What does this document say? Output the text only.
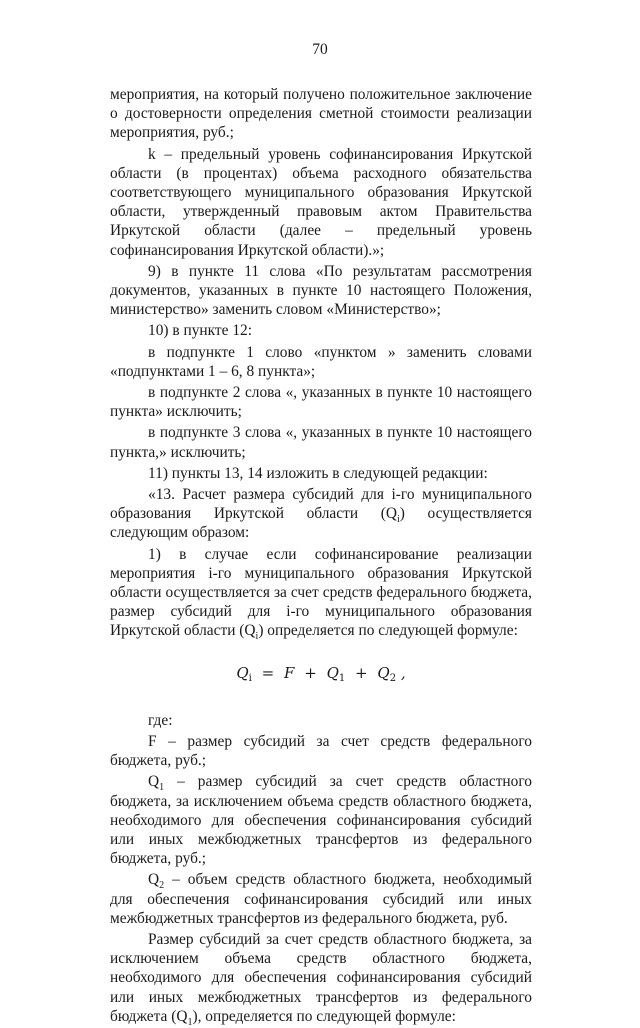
70

мероприятия, на который получено положительное заключение о достоверности определения сметной стоимости реализации мероприятия, руб.;

k – предельный уровень софинансирования Иркутской области (в процентах) объема расходного обязательства соответствующего муниципального образования Иркутской области, утвержденный правовым актом Правительства Иркутской области (далее – предельный уровень софинансирования Иркутской области).»;

9) в пункте 11 слова «По результатам рассмотрения документов, указанных в пункте 10 настоящего Положения, министерство» заменить словом «Министерство»;

10) в пункте 12:

в подпункте 1 слово «пунктом » заменить словами «подпунктами 1 – 6, 8 пункта»;

в подпункте 2 слова «, указанных в пункте 10 настоящего пункта» исключить;

в подпункте 3 слова «, указанных в пункте 10 настоящего пункта,» исключить;

11) пункты 13, 14 изложить в следующей редакции:

«13. Расчет размера субсидий для i-го муниципального образования Иркутской области $(Q_i)$ осуществляется следующим образом:

1) в случае если софинансирование реализации мероприятия i-го муниципального образования Иркутской области осуществляется за счет средств федерального бюджета, размер субсидий для i-го муниципального образования Иркутской области $(Q_i)$ определяется по следующей формуле:

$Q_i = F + Q_1 + Q_2$ ,

где:

F – размер субсидий за счет средств федерального бюджета, руб.;

$Q_1$ – размер субсидий за счет средств областного бюджета, за исключением объема средств областного бюджета, необходимого для обеспечения софинансирования субсидий или иных межбюджетных трансфертов из федерального бюджета, руб.;

$Q_2$ – объем средств областного бюджета, необходимый для обеспечения софинансирования субсидий или иных межбюджетных трансфертов из федерального бюджета, руб.

Размер субсидий за счет средств областного бюджета, за исключением объема средств областного бюджета, необходимого для обеспечения софинансирования субсидий или иных межбюджетных трансфертов из федерального бюджета $(Q_1)$, определяется по следующей формуле:
